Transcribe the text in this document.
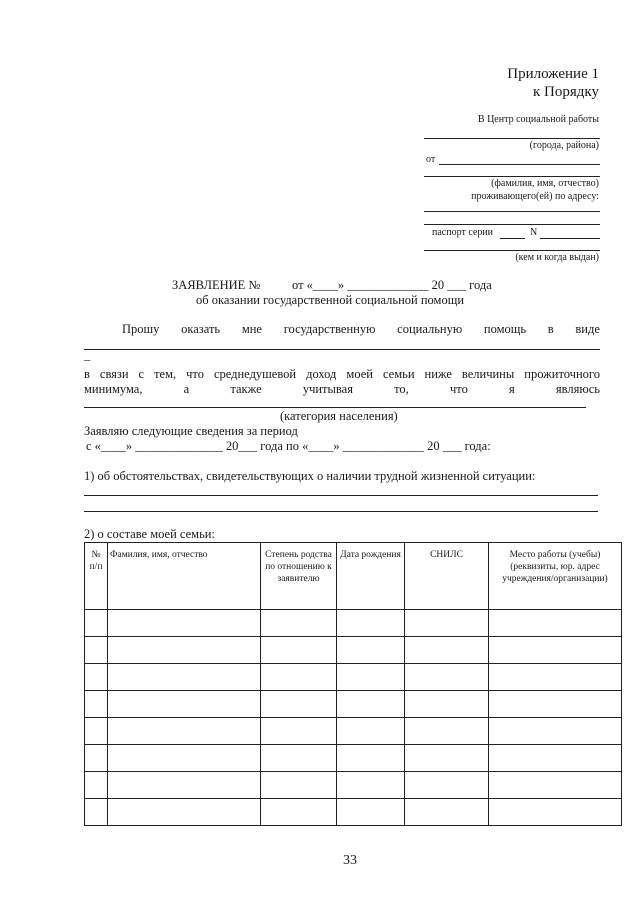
Приложение 1
к Порядку
В Центр социальной работы
(города, района)
от
(фамилия, имя, отчество)
проживающего(ей) по адресу:
паспорт серии	N
(кем и когда выдан)
ЗАЯВЛЕНИЕ №	от «____» _____________ 20 ___ года
об оказании государственной социальной помощи
Прошу оказать мне государственную социальную помощь в виде
_
в связи с тем, что среднедушевой доход моей семьи ниже величины прожиточного
минимума,	а	также	учитывая	то,	что	я	являюсь
(категория населения)
Заявляю следующие сведения за период
с «____» ______________ 20___ года по «____» _____________ 20 ___ года:
1) об обстоятельствах, свидетельствующих о наличии трудной жизненной ситуации:
2) о составе моей семьи:
№ п/п	Фамилия, имя, отчество	Степень родства по отношению к заявителю	Дата рождения	СНИЛС	Место работы (учебы)(реквизиты, юр. адрес учреждения/организации)

33
